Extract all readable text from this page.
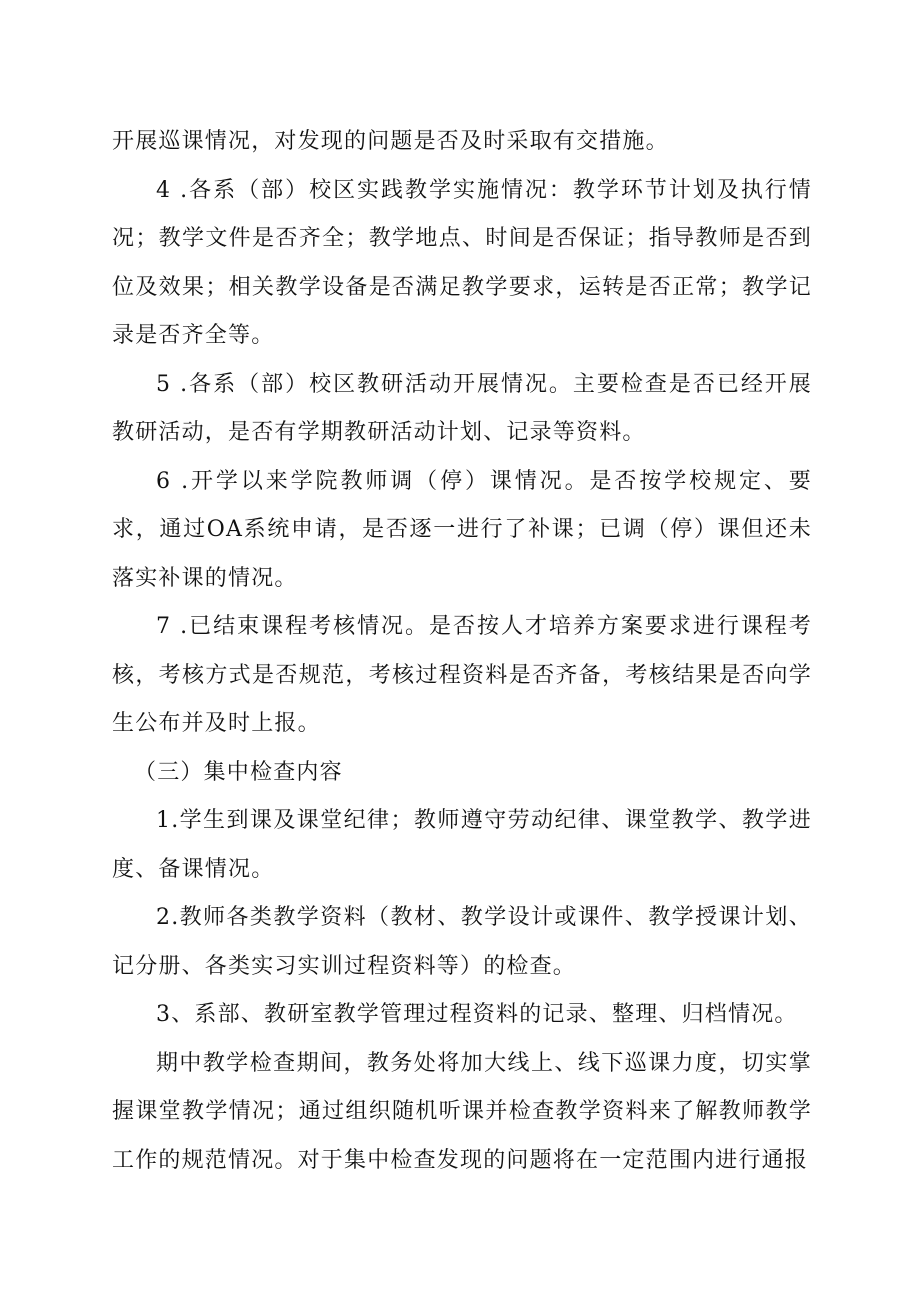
开展巡课情况，对发现的问题是否及时采取有交措施。

4 .各系（部）校区实践教学实施情况：教学环节计划及执行情况；教学文件是否齐全；教学地点、时间是否保证；指导教师是否到位及效果；相关教学设备是否满足教学要求，运转是否正常；教学记录是否齐全等。

5 .各系（部）校区教研活动开展情况。主要检查是否已经开展教研活动，是否有学期教研活动计划、记录等资料。

6 .开学以来学院教师调（停）课情况。是否按学校规定、要求，通过OA系统申请，是否逐一进行了补课；已调（停）课但还未落实补课的情况。

7 .已结束课程考核情况。是否按人才培养方案要求进行课程考核，考核方式是否规范，考核过程资料是否齐备，考核结果是否向学生公布并及时上报。

（三）集中检查内容

1.学生到课及课堂纪律；教师遵守劳动纪律、课堂教学、教学进度、备课情况。

2.教师各类教学资料（教材、教学设计或课件、教学授课计划、记分册、各类实习实训过程资料等）的检查。

3、系部、教研室教学管理过程资料的记录、整理、归档情况。

期中教学检查期间，教务处将加大线上、线下巡课力度，切实掌握课堂教学情况；通过组织随机听课并检查教学资料来了解教师教学工作的规范情况。对于集中检查发现的问题将在一定范围内进行通报
